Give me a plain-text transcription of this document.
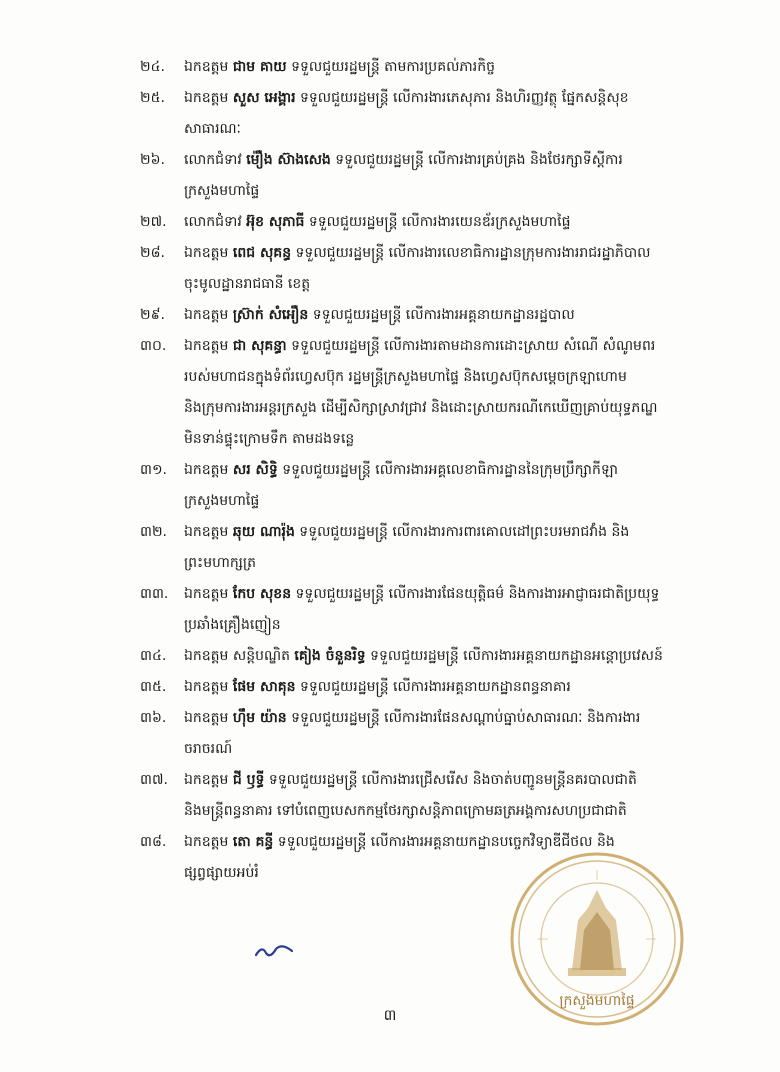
២៤.	ឯកឧត្តម ជាម គាយ ទទួលជួយរដ្ឋមន្ត្រី តាមការប្រគល់ភារកិច្ច
២៥.	ឯកឧត្តម សួស អេង្គារ ទទួលជួយរដ្ឋមន្ត្រី លើការងារភេសុភារ និងហិរញ្ញវត្ថុ ផ្នែកសន្តិសុខ
សាធារណៈ
២៦.	លោកជំទាវ ម៉ឿង ស៊ាងសេង ទទួលជួយរដ្ឋមន្ត្រី លើការងារគ្រប់គ្រង និងថែរក្សាទីស្តីការ
ក្រសួងមហាផ្ទៃ
២៧.	លោកជំទាវ អ៊ុខ សុភាធី ទទួលជួយរដ្ឋមន្ត្រី លើការងារយេនឌ័រក្រសួងមហាផ្ទៃ
២៨.	ឯកឧត្តម ពេជ សុគន្ធ ទទួលជួយរដ្ឋមន្ត្រី លើការងារលេខាធិការដ្ឋានក្រុមការងាររាជរដ្ឋាភិបាល
ចុះមូលដ្ឋានរាជធានី ខេត្ត
២៩.	ឯកឧត្តម ស្រ៊ាក់ សំអឿន ទទួលជួយរដ្ឋមន្ត្រី លើការងារអគ្គនាយកដ្ឋានរដ្ឋបាល
៣០.	ឯកឧត្តម ជា សុគន្ធា ទទួលជួយរដ្ឋមន្ត្រី លើការងារតាមដានការដោះស្រាយ សំណើ សំណូមពរ
របស់មហាជនក្នុងទំព័រហ្វេសប៊ុក រដ្ឋមន្ត្រីក្រសួងមហាផ្ទៃ និងហ្វេសប៊ុកសម្តេចក្រឡាហោម
និងក្រុមការងារអន្តរក្រសួង ដើម្បីសិក្សាស្រាវជ្រាវ និងដោះស្រាយករណីកេឃើញគ្រាប់យុទ្ធភណ្ឌ
មិនទាន់ផ្ទុះក្រោមទឹក តាមដងទន្លេ
៣១.	ឯកឧត្តម សរ សិទ្ធិ ទទួលជួយរដ្ឋមន្ត្រី លើការងារអគ្គលេខាធិការដ្ឋាននៃក្រុមប្រឹក្សាកីឡា
ក្រសួងមហាផ្ទៃ
៣២.	ឯកឧត្តម ឆុយ ណារ៉ុង ទទួលជួយរដ្ឋមន្ត្រី លើការងារការពារគោលដៅព្រះបរមរាជវាំង និង
ព្រះមហាក្សត្រ
៣៣.	ឯកឧត្តម កែប សុខន ទទួលជួយរដ្ឋមន្ត្រី លើការងារផែនយុត្តិធម៌ និងការងារអាជ្ញាធរជាតិប្រយុទ្ធ
ប្រឆាំងគ្រឿងញៀន
៣៤.	ឯកឧត្តម សន្តិបណ្ឌិត គៀង ចំនួនរិទ្ធ ទទួលជួយរដ្ឋមន្ត្រី លើការងារអគ្គនាយកដ្ឋានអន្តោប្រវេសន៍
៣៥.	ឯកឧត្តម ផែម សាគុន ទទួលជួយរដ្ឋមន្ត្រី លើការងារអគ្គនាយកដ្ឋានពន្ធនាគារ
៣៦.	ឯកឧត្តម ហ៊ឹម យ៉ាន ទទួលជួយរដ្ឋមន្ត្រី លើការងារផែនសណ្តាប់ធ្នាប់សាធារណៈ និងការងារ
ចរាចរណ៍
៣៧.	ឯកឧត្តម ជី ឫទ្ធី ទទួលជួយរដ្ឋមន្ត្រី លើការងារជ្រើសរើស និងចាត់បញ្ជូនមន្ត្រីនគរបាលជាតិ
និងមន្ត្រីពន្ធនាគារ ទៅបំពេញបេសកកម្មថែរក្សាសន្តិភាពក្រោមឆត្រអង្គការសហប្រជាជាតិ
៣៨.	ឯកឧត្តម តោ គន្ធី ទទួលជួយរដ្ឋមន្ត្រី លើការងារអគ្គនាយកដ្ឋានបច្ចេកវិទ្យាឌីជីថល និង
ផ្សព្វផ្សាយអប់រំ
ក្រសួងមហាផ្ទៃ
៣
